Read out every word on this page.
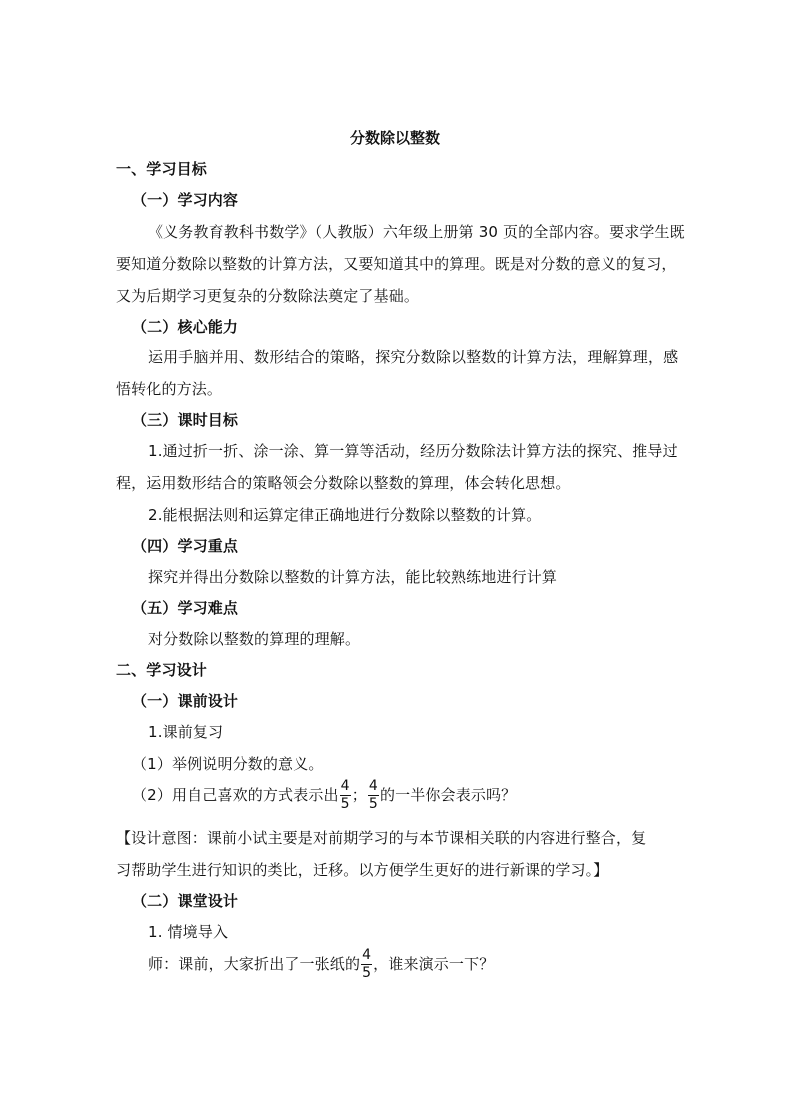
分数除以整数
一、学习目标
（一）学习内容
《义务教育教科书数学》（人教版）六年级上册第 30 页的全部内容。要求学生既
要知道分数除以整数的计算方法，又要知道其中的算理。既是对分数的意义的复习，
又为后期学习更复杂的分数除法奠定了基础。
（二）核心能力
运用手脑并用、数形结合的策略，探究分数除以整数的计算方法，理解算理，感
悟转化的方法。
（三）课时目标
1.通过折一折、涂一涂、算一算等活动，经历分数除法计算方法的探究、推导过
程，运用数形结合的策略领会分数除以整数的算理，体会转化思想。
2.能根据法则和运算定律正确地进行分数除以整数的计算。
（四）学习重点
探究并得出分数除以整数的计算方法，能比较熟练地进行计算
（五）学习难点
对分数除以整数的算理的理解。
二、学习设计
（一）课前设计
1.课前复习
（1）举例说明分数的意义。
（2）用自己喜欢的方式表示出 $\frac{4}{5}$ ； $\frac{4}{5}$ 的一半你会表示吗？
【设计意图：课前小试主要是对前期学习的与本节课相关联的内容进行整合，复
习帮助学生进行知识的类比，迁移。以方便学生更好的进行新课的学习。】
（二）课堂设计
1. 情境导入
师：课前，大家折出了一张纸的 $\frac{4}{5}$ ，谁来演示一下？
